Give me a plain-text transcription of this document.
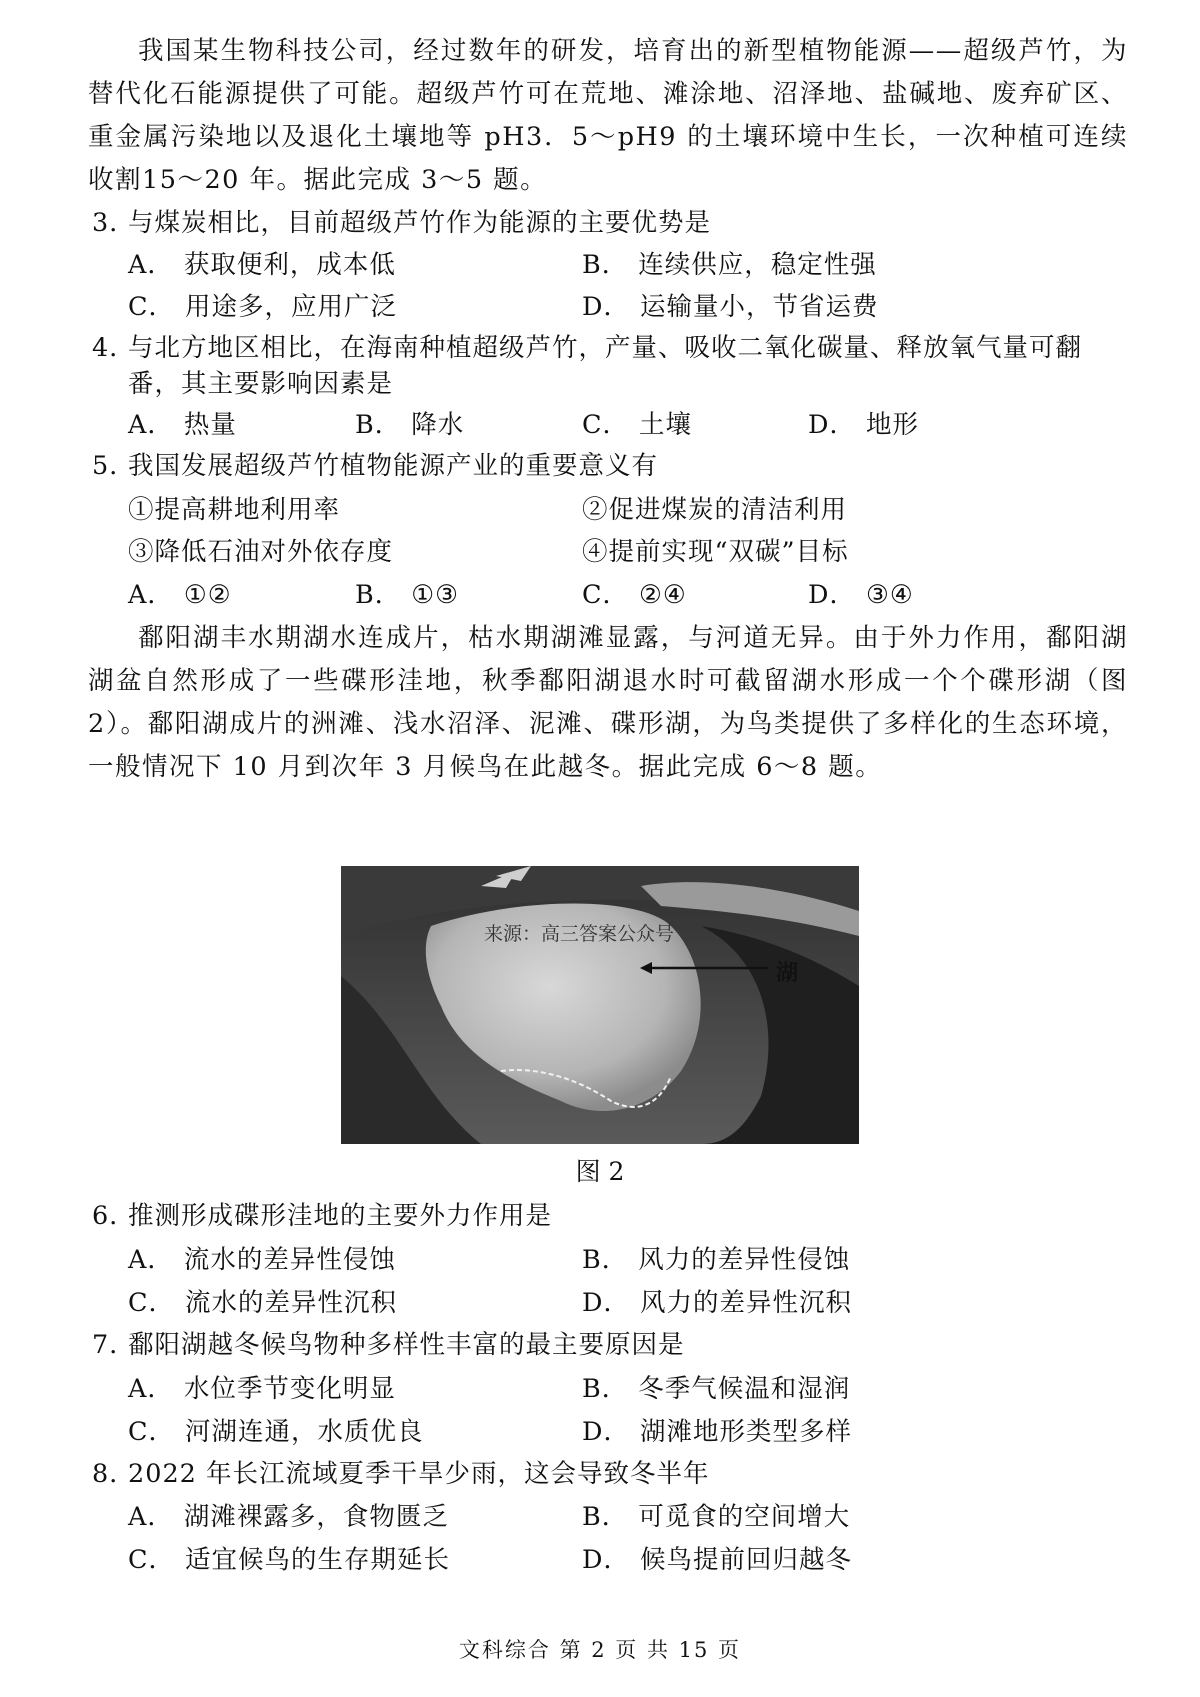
我国某生物科技公司，经过数年的研发，培育出的新型植物能源——超级芦竹，为替代化石能源提供了可能。超级芦竹可在荒地、滩涂地、沼泽地、盐碱地、废弃矿区、重金属污染地以及退化土壤地等 pH3．5～pH9 的土壤环境中生长，一次种植可连续收割15～20 年。据此完成 3～5 题。
3．与煤炭相比，目前超级芦竹作为能源的主要优势是
A． 获取便利，成本低	B． 连续供应，稳定性强
C． 用途多，应用广泛	D． 运输量小，节省运费
4．与北方地区相比，在海南种植超级芦竹，产量、吸收二氧化碳量、释放氧气量可翻
番，其主要影响因素是
A． 热量	B． 降水	C． 土壤	D． 地形
5．我国发展超级芦竹植物能源产业的重要意义有
①提高耕地利用率	②促进煤炭的清洁利用
③降低石油对外依存度	④提前实现“双碳”目标
A． ①②	B． ①③	C． ②④	D． ③④
鄱阳湖丰水期湖水连成片，枯水期湖滩显露，与河道无异。由于外力作用，鄱阳湖湖盆自然形成了一些碟形洼地，秋季鄱阳湖退水时可截留湖水形成一个个碟形湖（图 2）。鄱阳湖成片的洲滩、浅水沼泽、泥滩、碟形湖，为鸟类提供了多样化的生态环境，一般情况下 10 月到次年 3 月候鸟在此越冬。据此完成 6～8 题。
来源：高三答案公众号
湖
图 2
6．推测形成碟形洼地的主要外力作用是
A． 流水的差异性侵蚀	B． 风力的差异性侵蚀
C． 流水的差异性沉积	D． 风力的差异性沉积
7．鄱阳湖越冬候鸟物种多样性丰富的最主要原因是
A． 水位季节变化明显	B． 冬季气候温和湿润
C． 河湖连通，水质优良	D． 湖滩地形类型多样
8．2022 年长江流域夏季干旱少雨，这会导致冬半年
A． 湖滩裸露多，食物匮乏	B． 可觅食的空间增大
C． 适宜候鸟的生存期延长	D． 候鸟提前回归越冬
文科综合 第 2 页 共 15 页
